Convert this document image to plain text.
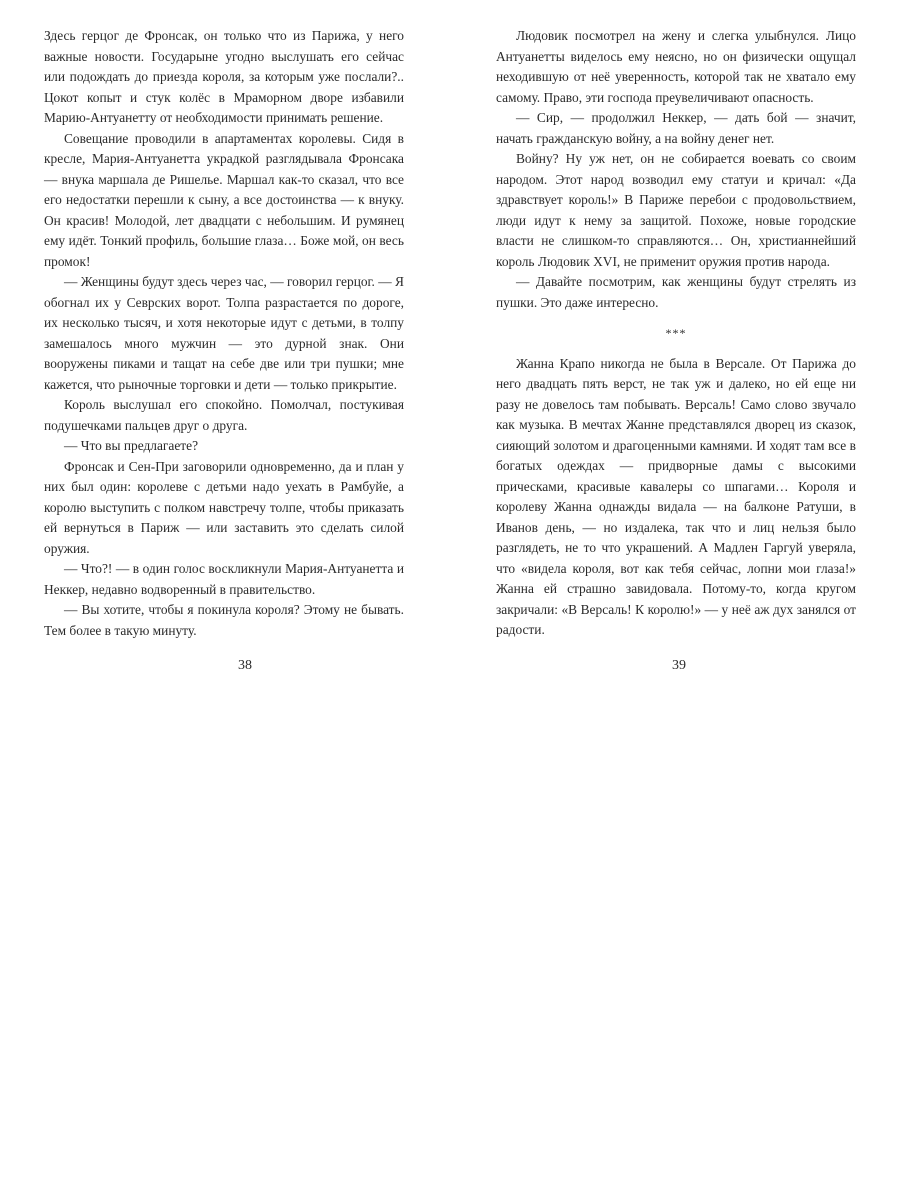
Здесь герцог де Фронсак, он только что из Парижа, у него важные новости. Государыне угодно выслушать его сейчас или подождать до приезда короля, за которым уже послали?.. Цокот копыт и стук колёс в Мраморном дворе избавили Марию-Антуанетту от необходимости принимать решение.

Совещание проводили в апартаментах королевы. Сидя в кресле, Мария-Антуанетта украдкой разглядывала Фронсака — внука маршала де Ришелье. Маршал как-то сказал, что все его недостатки перешли к сыну, а все достоинства — к внуку. Он красив! Молодой, лет двадцати с небольшим. И румянец ему идёт. Тонкий профиль, большие глаза… Боже мой, он весь промок!

— Женщины будут здесь через час, — говорил герцог. — Я обогнал их у Севрских ворот. Толпа разрастается по дороге, их несколько тысяч, и хотя некоторые идут с детьми, в толпу замешалось много мужчин — это дурной знак. Они вооружены пиками и тащат на себе две или три пушки; мне кажется, что рыночные торговки и дети — только прикрытие.

Король выслушал его спокойно. Помолчал, постукивая подушечками пальцев друг о друга.

— Что вы предлагаете?

Фронсак и Сен-При заговорили одновременно, да и план у них был один: королеве с детьми надо уехать в Рамбуйе, а королю выступить с полком навстречу толпе, чтобы приказать ей вернуться в Париж — или заставить это сделать силой оружия.

— Что?! — в один голос воскликнули Мария-Антуанетта и Неккер, недавно водворенный в правительство.

— Вы хотите, чтобы я покинула короля? Этому не бывать. Тем более в такую минуту.

38

Людовик посмотрел на жену и слегка улыбнулся. Лицо Антуанетты виделось ему неясно, но он физически ощущал неходившую от неё уверенность, которой так не хватало ему самому. Право, эти господа преувеличивают опасность.

— Сир, — продолжил Неккер, — дать бой — значит, начать гражданскую войну, а на войну денег нет.

Войну? Ну уж нет, он не собирается воевать со своим народом. Этот народ возводил ему статуи и кричал: «Да здравствует король!» В Париже перебои с продовольствием, люди идут к нему за защитой. Похоже, новые городские власти не слишком-то справляются… Он, христианнейший король Людовик XVI, не применит оружия против народа.

— Давайте посмотрим, как женщины будут стрелять из пушки. Это даже интересно.

***

Жанна Крапо никогда не была в Версале. От Парижа до него двадцать пять верст, не так уж и далеко, но ей еще ни разу не довелось там побывать. Версаль! Само слово звучало как музыка. В мечтах Жанне представлялся дворец из сказок, сияющий золотом и драгоценными камнями. И ходят там все в богатых одеждах — придворные дамы с высокими прическами, красивые кавалеры со шпагами… Короля и королеву Жанна однажды видала — на балконе Ратуши, в Иванов день, — но издалека, так что и лиц нельзя было разглядеть, не то что украшений. А Мадлен Гаргуй уверяла, что «видела короля, вот как тебя сейчас, лопни мои глаза!» Жанна ей страшно завидовала. Потому-то, когда кругом закричали: «В Версаль! К королю!» — у неё аж дух занялся от радости.

39
